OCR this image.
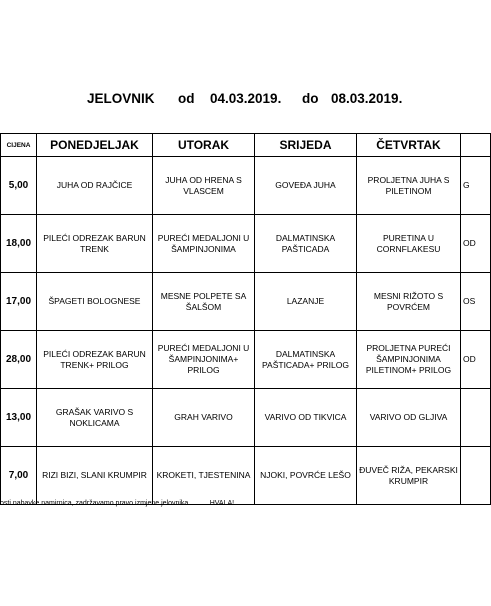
JELOVNIK

od

04.03.2019.

do

08.03.2019.

CIJENA	PONEDJELJAK	UTORAK	SRIJEDA	ČETVRTAK	
5,00	JUHA OD RAJČICE	JUHA OD HRENA S VLASCEM	GOVEĐA JUHA	PROLJETNA JUHA S PILETINOM	G
18,00	PILEĆI ODREZAK BARUN TRENK	PUREĆI MEDALJONI U ŠAMPINJONIMA	DALMATINSKA PAŠTICADA	PURETINA U CORNFLAKESU	OD
17,00	ŠPAGETI BOLOGNESE	MESNE POLPETE SA ŠALŠOM	LAZANJE	MESNI RIŽOTO S POVRĆEM	OS
28,00	PILEĆI ODREZAK BARUN TRENK+ PRILOG	PUREĆI MEDALJONI U ŠAMPINJONIMA+ PRILOG	DALMATINSKA PAŠTICADA+ PRILOG	PROLJETNA PUREĆI ŠAMPINJONIMA PILETINOM+ PRILOG	OD
13,00	GRAŠAK VARIVO S NOKLICAMA	GRAH VARIVO	VARIVO OD TIKVICA	VARIVO OD GLJIVA	
7,00	RIZI BIZI, SLANI KRUMPIR	KROKETI, TJESTENINA	NJOKI, POVRĆE LEŠO	ĐUVEČ RIŽA, PEKARSKI KRUMPIR	
osti nabavke namirnica, zadržavamo pravo izmjene jelovnika.          HVALA!
